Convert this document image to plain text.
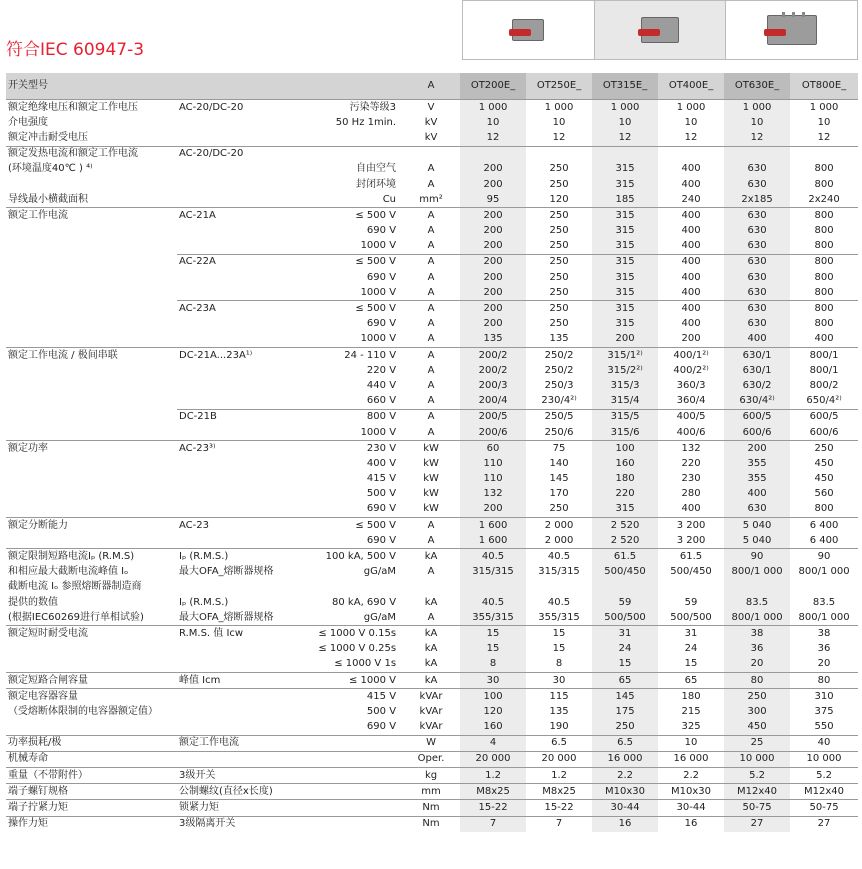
符合IEC 60947-3
开关型号			A	OT200E_	OT250E_	OT315E_	OT400E_	OT630E_	OT800E_
额定绝缘电压和额定工作电压	AC-20/DC-20	污染等级3	V	1 000	1 000	1 000	1 000	1 000	1 000
介电强度		50 Hz 1min.	kV	10	10	10	10	10	10
额定冲击耐受电压			kV	12	12	12	12	12	12
额定发热电流和额定工作电流	AC-20/DC-20								
(环境温度40℃ ) ⁴⁾		自由空气	A	200	250	315	400	630	800
		封闭环境	A	200	250	315	400	630	800
导线最小横截面积		Cu	mm²	95	120	185	240	2x185	2x240
额定工作电流	AC-21A	≤ 500 V	A	200	250	315	400	630	800
		690 V	A	200	250	315	400	630	800
		1000 V	A	200	250	315	400	630	800
	AC-22A	≤ 500 V	A	200	250	315	400	630	800
		690 V	A	200	250	315	400	630	800
		1000 V	A	200	250	315	400	630	800
	AC-23A	≤ 500 V	A	200	250	315	400	630	800
		690 V	A	200	250	315	400	630	800
		1000 V	A	135	135	200	200	400	400
额定工作电流 / 极间串联	DC-21A...23A¹⁾	24 - 110 V	A	200/2	250/2	315/1²⁾	400/1²⁾	630/1	800/1
		220 V	A	200/2	250/2	315/2²⁾	400/2²⁾	630/1	800/1
		440 V	A	200/3	250/3	315/3	360/3	630/2	800/2
		660 V	A	200/4	230/4²⁾	315/4	360/4	630/4²⁾	650/4²⁾
	DC-21B	800 V	A	200/5	250/5	315/5	400/5	600/5	600/5
		1000 V	A	200/6	250/6	315/6	400/6	600/6	600/6
额定功率	AC-23³⁾	230 V	kW	60	75	100	132	200	250
		400 V	kW	110	140	160	220	355	450
		415 V	kW	110	145	180	230	355	450
		500 V	kW	132	170	220	280	400	560
		690 V	kW	200	250	315	400	630	800
额定分断能力	AC-23	≤ 500 V	A	1 600	2 000	2 520	3 200	5 040	6 400
		690 V	A	1 600	2 000	2 520	3 200	5 040	6 400
额定限制短路电流Iₚ (R.M.S)	Iₚ (R.M.S.)	100 kA, 500 V	kA	40.5	40.5	61.5	61.5	90	90
和相应最大截断电流峰值 Iₒ	最大OFA_熔断器规格	gG/aM	A	315/315	315/315	500/450	500/450	800/1 000	800/1 000
截断电流 Iₒ 参照熔断器制造商									
提供的数值	Iₚ (R.M.S.)	80 kA, 690 V	kA	40.5	40.5	59	59	83.5	83.5
(根据IEC60269进行单相试验)	最大OFA_熔断器规格	gG/aM	A	355/315	355/315	500/500	500/500	800/1 000	800/1 000
额定短时耐受电流	R.M.S. 值 Icw	≤ 1000 V 0.15s	kA	15	15	31	31	38	38
		≤ 1000 V 0.25s	kA	15	15	24	24	36	36
		≤ 1000 V 1s	kA	8	8	15	15	20	20
额定短路合闸容量	峰值 Icm	≤ 1000 V	kA	30	30	65	65	80	80
额定电容器容量		415 V	kVAr	100	115	145	180	250	310
（受熔断体限制的电容器额定值）		500 V	kVAr	120	135	175	215	300	375
		690 V	kVAr	160	190	250	325	450	550
功率损耗/极	额定工作电流		W	4	6.5	6.5	10	25	40
机械寿命			Oper.	20 000	20 000	16 000	16 000	10 000	10 000
重量（不带附件）	3级开关		kg	1.2	1.2	2.2	2.2	5.2	5.2
端子螺钉规格	公制螺纹(直径x长度)		mm	M8x25	M8x25	M10x30	M10x30	M12x40	M12x40
端子拧紧力矩	锁紧力矩		Nm	15-22	15-22	30-44	30-44	50-75	50-75
操作力矩	3级隔离开关		Nm	7	7	16	16	27	27
